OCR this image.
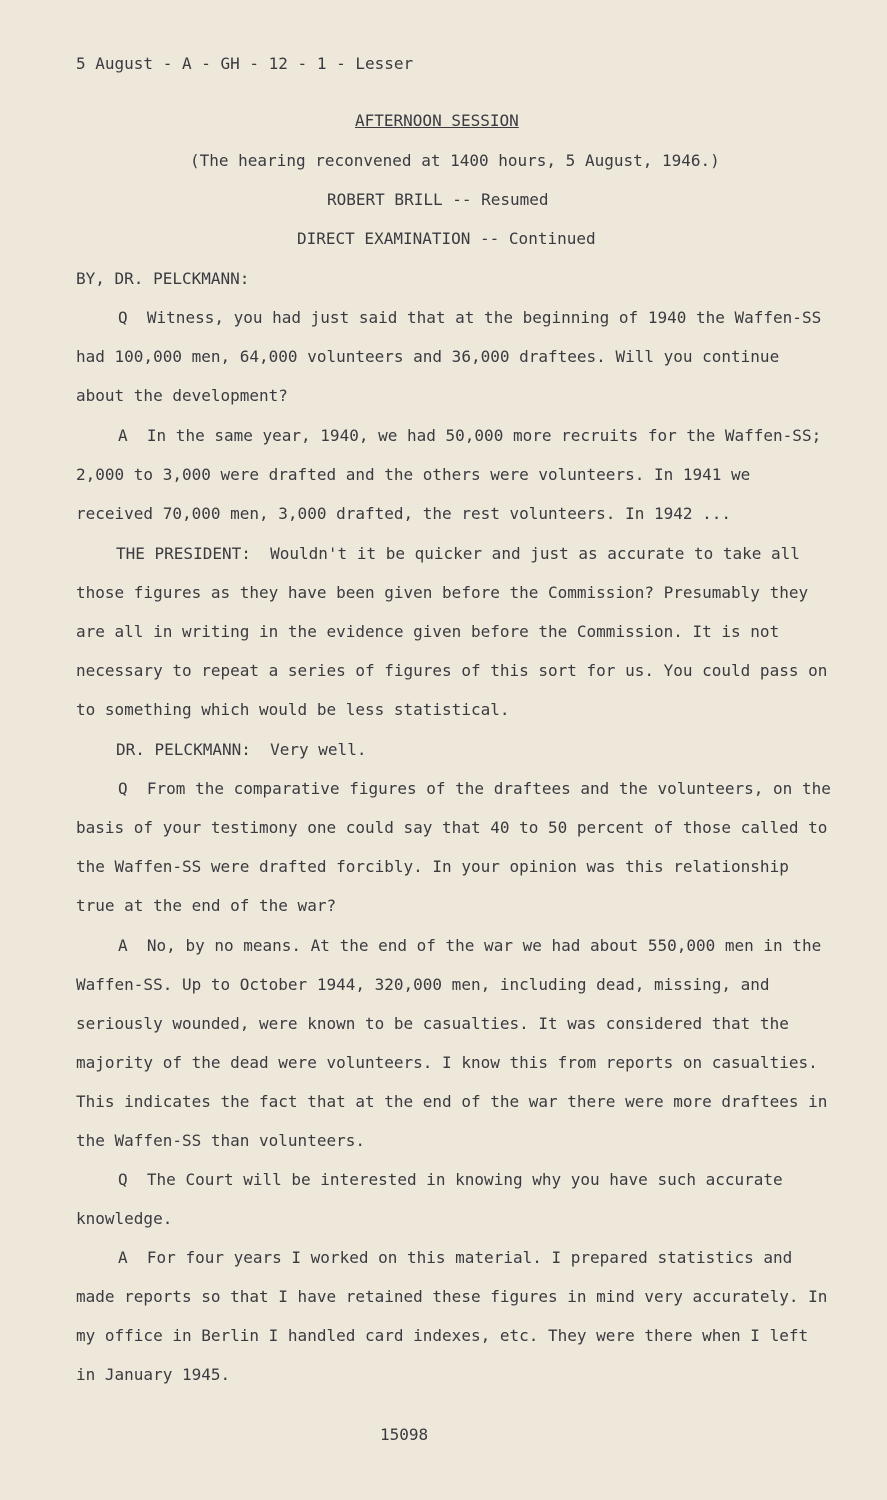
5 August - A - GH - 12 - 1 - Lesser
AFTERNOON SESSION
(The hearing reconvened at 1400 hours, 5 August, 1946.)
ROBERT BRILL -- Resumed
DIRECT EXAMINATION -- Continued
BY, DR. PELCKMANN:
Q Witness, you had just said that at the beginning of 1940 the Waffen-SS had 100,000 men, 64,000 volunteers and 36,000 draftees. Will you continue about the development?
A In the same year, 1940, we had 50,000 more recruits for the Waffen-SS; 2,000 to 3,000 were drafted and the others were volunteers. In 1941 we received 70,000 men, 3,000 drafted, the rest volunteers. In 1942 ...
THE PRESIDENT: Wouldn't it be quicker and just as accurate to take all those figures as they have been given before the Commission? Presumably they are all in writing in the evidence given before the Commission. It is not necessary to repeat a series of figures of this sort for us. You could pass on to something which would be less statistical.
DR. PELCKMANN: Very well.
Q From the comparative figures of the draftees and the volunteers, on the basis of your testimony one could say that 40 to 50 percent of those called to the Waffen-SS were drafted forcibly. In your opinion was this relationship true at the end of the war?
A No, by no means. At the end of the war we had about 550,000 men in the Waffen-SS. Up to October 1944, 320,000 men, including dead, missing, and seriously wounded, were known to be casualties. It was considered that the majority of the dead were volunteers. I know this from reports on casualties. This indicates the fact that at the end of the war there were more draftees in the Waffen-SS than volunteers.
Q The Court will be interested in knowing why you have such accurate knowledge.
A For four years I worked on this material. I prepared statistics and made reports so that I have retained these figures in mind very accurately. In my office in Berlin I handled card indexes, etc. They were there when I left in January 1945.
15098
